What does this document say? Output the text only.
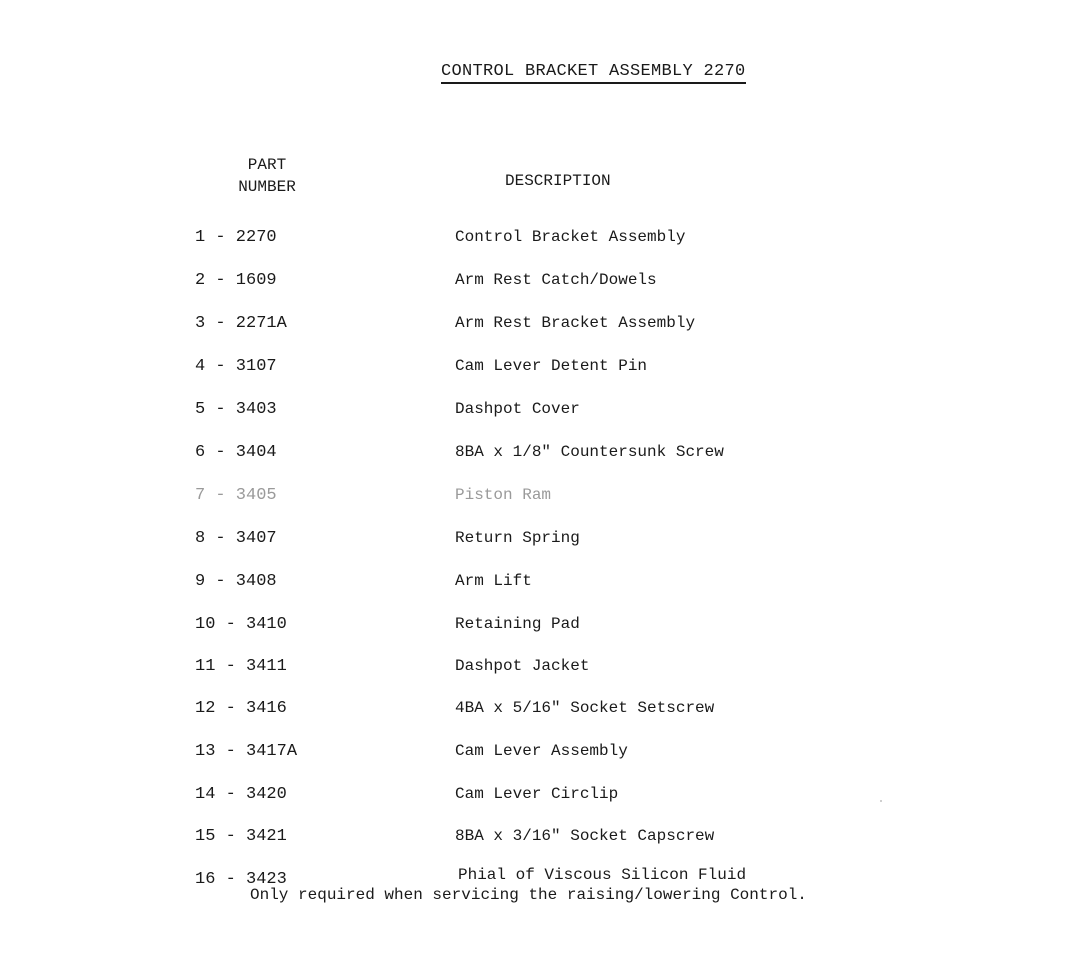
CONTROL BRACKET ASSEMBLY 2270
PART
NUMBER	DESCRIPTION
1 - 2270	Control Bracket Assembly
2 - 1609	Arm Rest Catch/Dowels
3 - 2271A	Arm Rest Bracket Assembly
4 - 3107	Cam Lever Detent Pin
5 - 3403	Dashpot Cover
6 - 3404	8BA x 1/8" Countersunk Screw
7 - 3405	Piston Ram
8 - 3407	Return Spring
9 - 3408	Arm Lift
10 - 3410	Retaining Pad
11 - 3411	Dashpot Jacket
12 - 3416	4BA x 5/16" Socket Setscrew
13 - 3417A	Cam Lever Assembly
14 - 3420	Cam Lever Circlip
15 - 3421	8BA x 3/16" Socket Capscrew
16 - 3423	Phial of Viscous Silicon Fluid
Only required when servicing the raising/lowering Control.
